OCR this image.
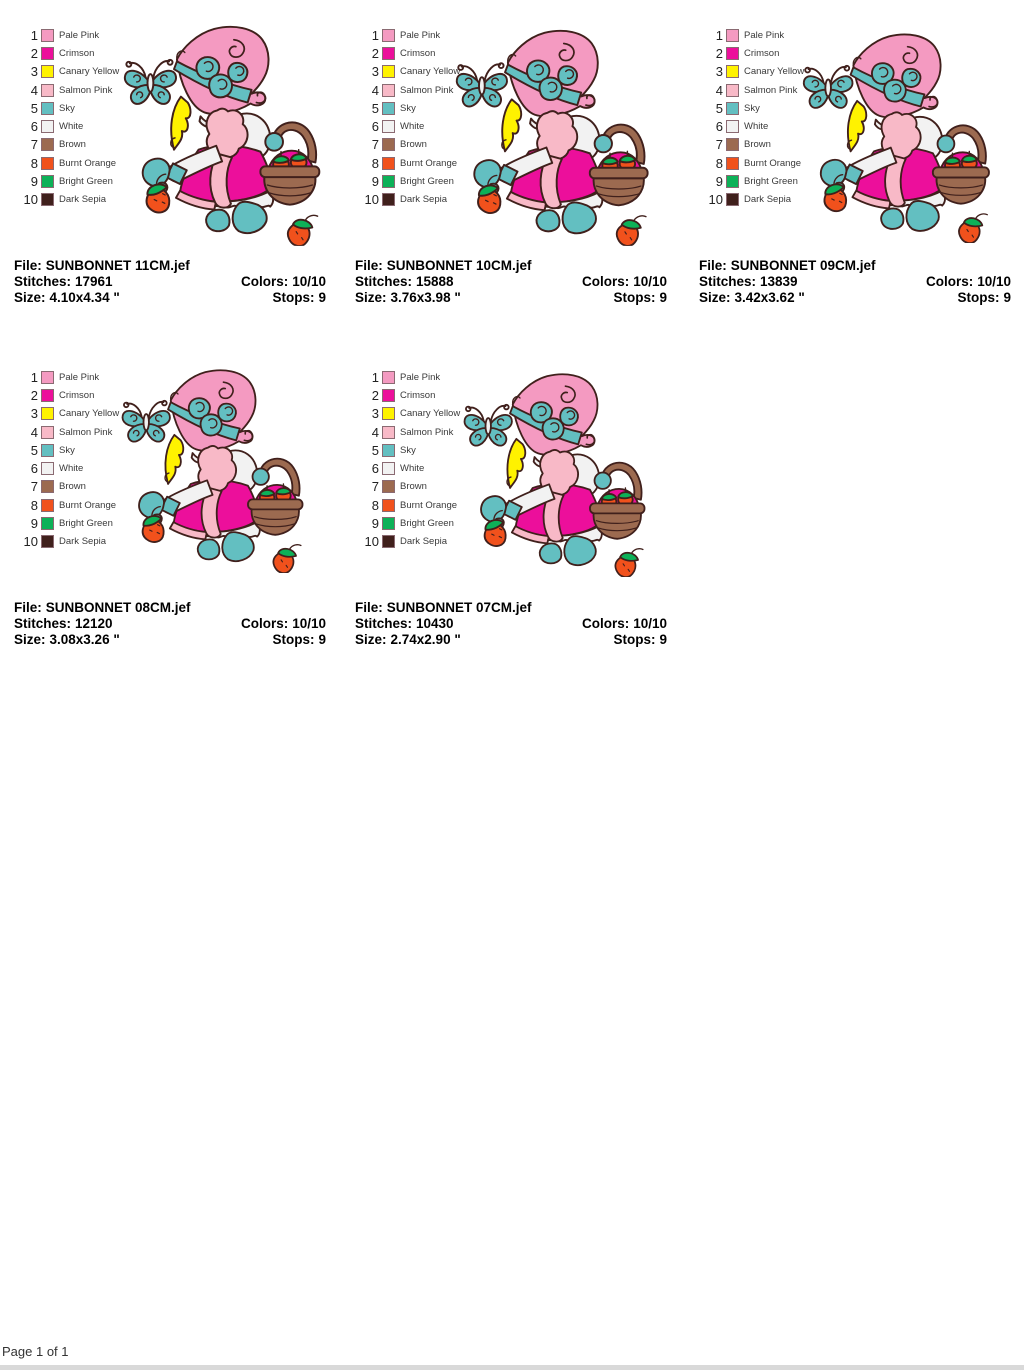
1 Pale Pink
2 Crimson
3 Canary Yellow
4 Salmon Pink
5 Sky
6 White
7 Brown
8 Burnt Orange
9 Bright Green
10 Dark Sepia
File: SUNBONNET 11CM.jef
Stitches: 17961	Colors: 10/10
Size: 4.10x4.34 "	Stops: 9
1 Pale Pink
2 Crimson
3 Canary Yellow
4 Salmon Pink
5 Sky
6 White
7 Brown
8 Burnt Orange
9 Bright Green
10 Dark Sepia
File: SUNBONNET 10CM.jef
Stitches: 15888	Colors: 10/10
Size: 3.76x3.98 "	Stops: 9
1 Pale Pink
2 Crimson
3 Canary Yellow
4 Salmon Pink
5 Sky
6 White
7 Brown
8 Burnt Orange
9 Bright Green
10 Dark Sepia
File: SUNBONNET 09CM.jef
Stitches: 13839	Colors: 10/10
Size: 3.42x3.62 "	Stops: 9
1 Pale Pink
2 Crimson
3 Canary Yellow
4 Salmon Pink
5 Sky
6 White
7 Brown
8 Burnt Orange
9 Bright Green
10 Dark Sepia
File: SUNBONNET 08CM.jef
Stitches: 12120	Colors: 10/10
Size: 3.08x3.26 "	Stops: 9
1 Pale Pink
2 Crimson
3 Canary Yellow
4 Salmon Pink
5 Sky
6 White
7 Brown
8 Burnt Orange
9 Bright Green
10 Dark Sepia
File: SUNBONNET 07CM.jef
Stitches: 10430	Colors: 10/10
Size: 2.74x2.90 "	Stops: 9
Page 1 of 1
